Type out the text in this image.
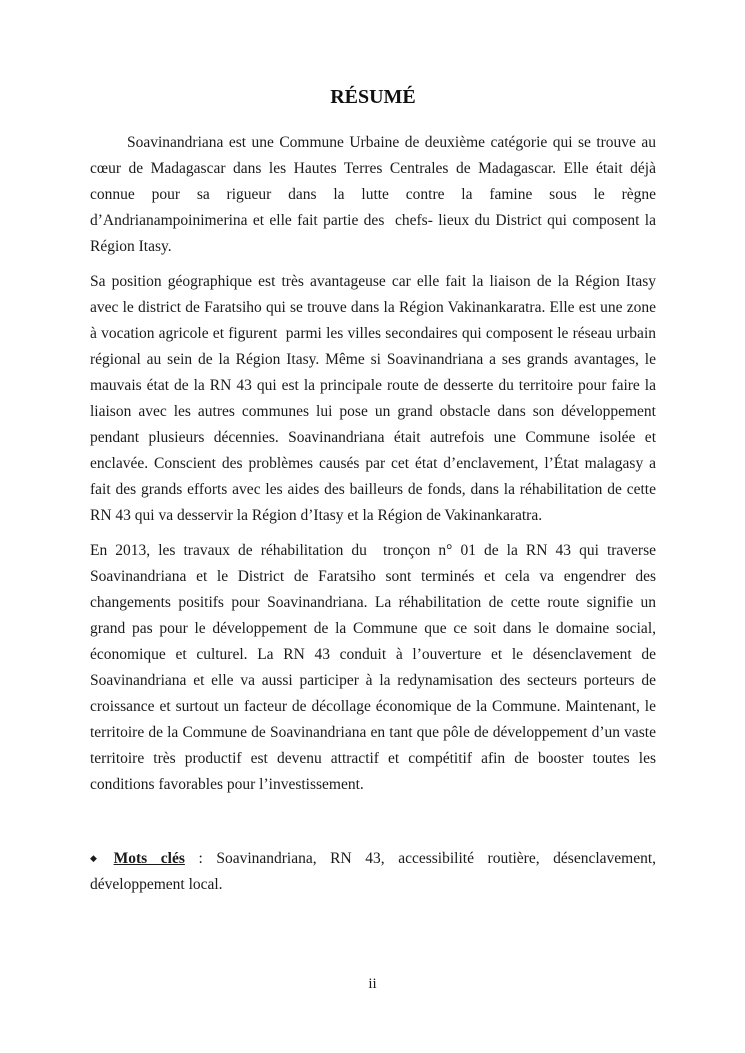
RÉSUMÉ

Soavinandriana est une Commune Urbaine de deuxième catégorie qui se trouve au cœur de Madagascar dans les Hautes Terres Centrales de Madagascar. Elle était déjà connue pour sa rigueur dans la lutte contre la famine sous le règne d’Andrianampoinimerina et elle fait partie des  chefs- lieux du District qui composent la Région Itasy.

Sa position géographique est très avantageuse car elle fait la liaison de la Région Itasy avec le district de Faratsiho qui se trouve dans la Région Vakinankaratra. Elle est une zone à vocation agricole et figurent  parmi les villes secondaires qui composent le réseau urbain régional au sein de la Région Itasy. Même si Soavinandriana a ses grands avantages, le mauvais état de la RN 43 qui est la principale route de desserte du territoire pour faire la liaison avec les autres communes lui pose un grand obstacle dans son développement pendant plusieurs décennies. Soavinandriana était autrefois une Commune isolée et enclavée. Conscient des problèmes causés par cet état d’enclavement, l’État malagasy a fait des grands efforts avec les aides des bailleurs de fonds, dans la réhabilitation de cette RN 43 qui va desservir la Région d’Itasy et la Région de Vakinankaratra.

En 2013, les travaux de réhabilitation du  tronçon n° 01 de la RN 43 qui traverse Soavinandriana et le District de Faratsiho sont terminés et cela va engendrer des changements positifs pour Soavinandriana. La réhabilitation de cette route signifie un grand pas pour le développement de la Commune que ce soit dans le domaine social, économique et culturel. La RN 43 conduit à l’ouverture et le désenclavement de Soavinandriana et elle va aussi participer à la redynamisation des secteurs porteurs de croissance et surtout un facteur de décollage économique de la Commune. Maintenant, le territoire de la Commune de Soavinandriana en tant que pôle de développement d’un vaste territoire très productif est devenu attractif et compétitif afin de booster toutes les conditions favorables pour l’investissement.

◆ Mots clés : Soavinandriana, RN 43, accessibilité routière, désenclavement, développement local.

ii
